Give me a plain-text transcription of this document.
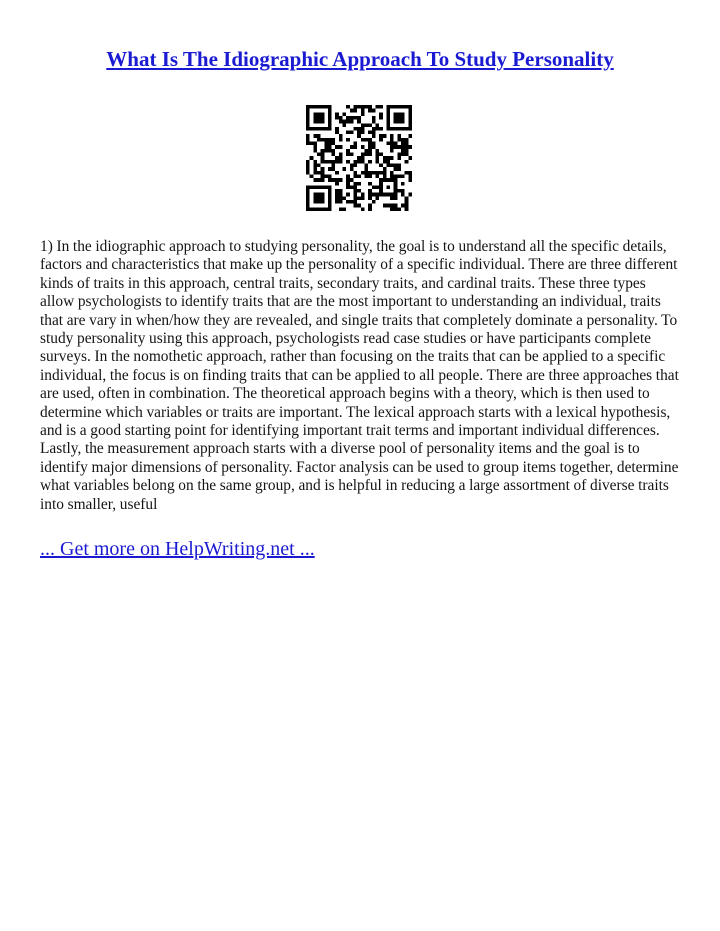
What Is The Idiographic Approach To Study Personality
1) In the idiographic approach to studying personality, the goal is to understand all the specific details, factors and characteristics that make up the personality of a specific individual. There are three different kinds of traits in this approach, central traits, secondary traits, and cardinal traits. These three types allow psychologists to identify traits that are the most important to understanding an individual, traits that are vary in when/how they are revealed, and single traits that completely dominate a personality. To study personality using this approach, psychologists read case studies or have participants complete surveys. In the nomothetic approach, rather than focusing on the traits that can be applied to a specific individual, the focus is on finding traits that can be applied to all people. There are three approaches that are used, often in combination. The theoretical approach begins with a theory, which is then used to determine which variables or traits are important. The lexical approach starts with a lexical hypothesis, and is a good starting point for identifying important trait terms and important individual differences. Lastly, the measurement approach starts with a diverse pool of personality items and the goal is to identify major dimensions of personality. Factor analysis can be used to group items together, determine what variables belong on the same group, and is helpful in reducing a large assortment of diverse traits into smaller, useful
... Get more on HelpWriting.net ...
